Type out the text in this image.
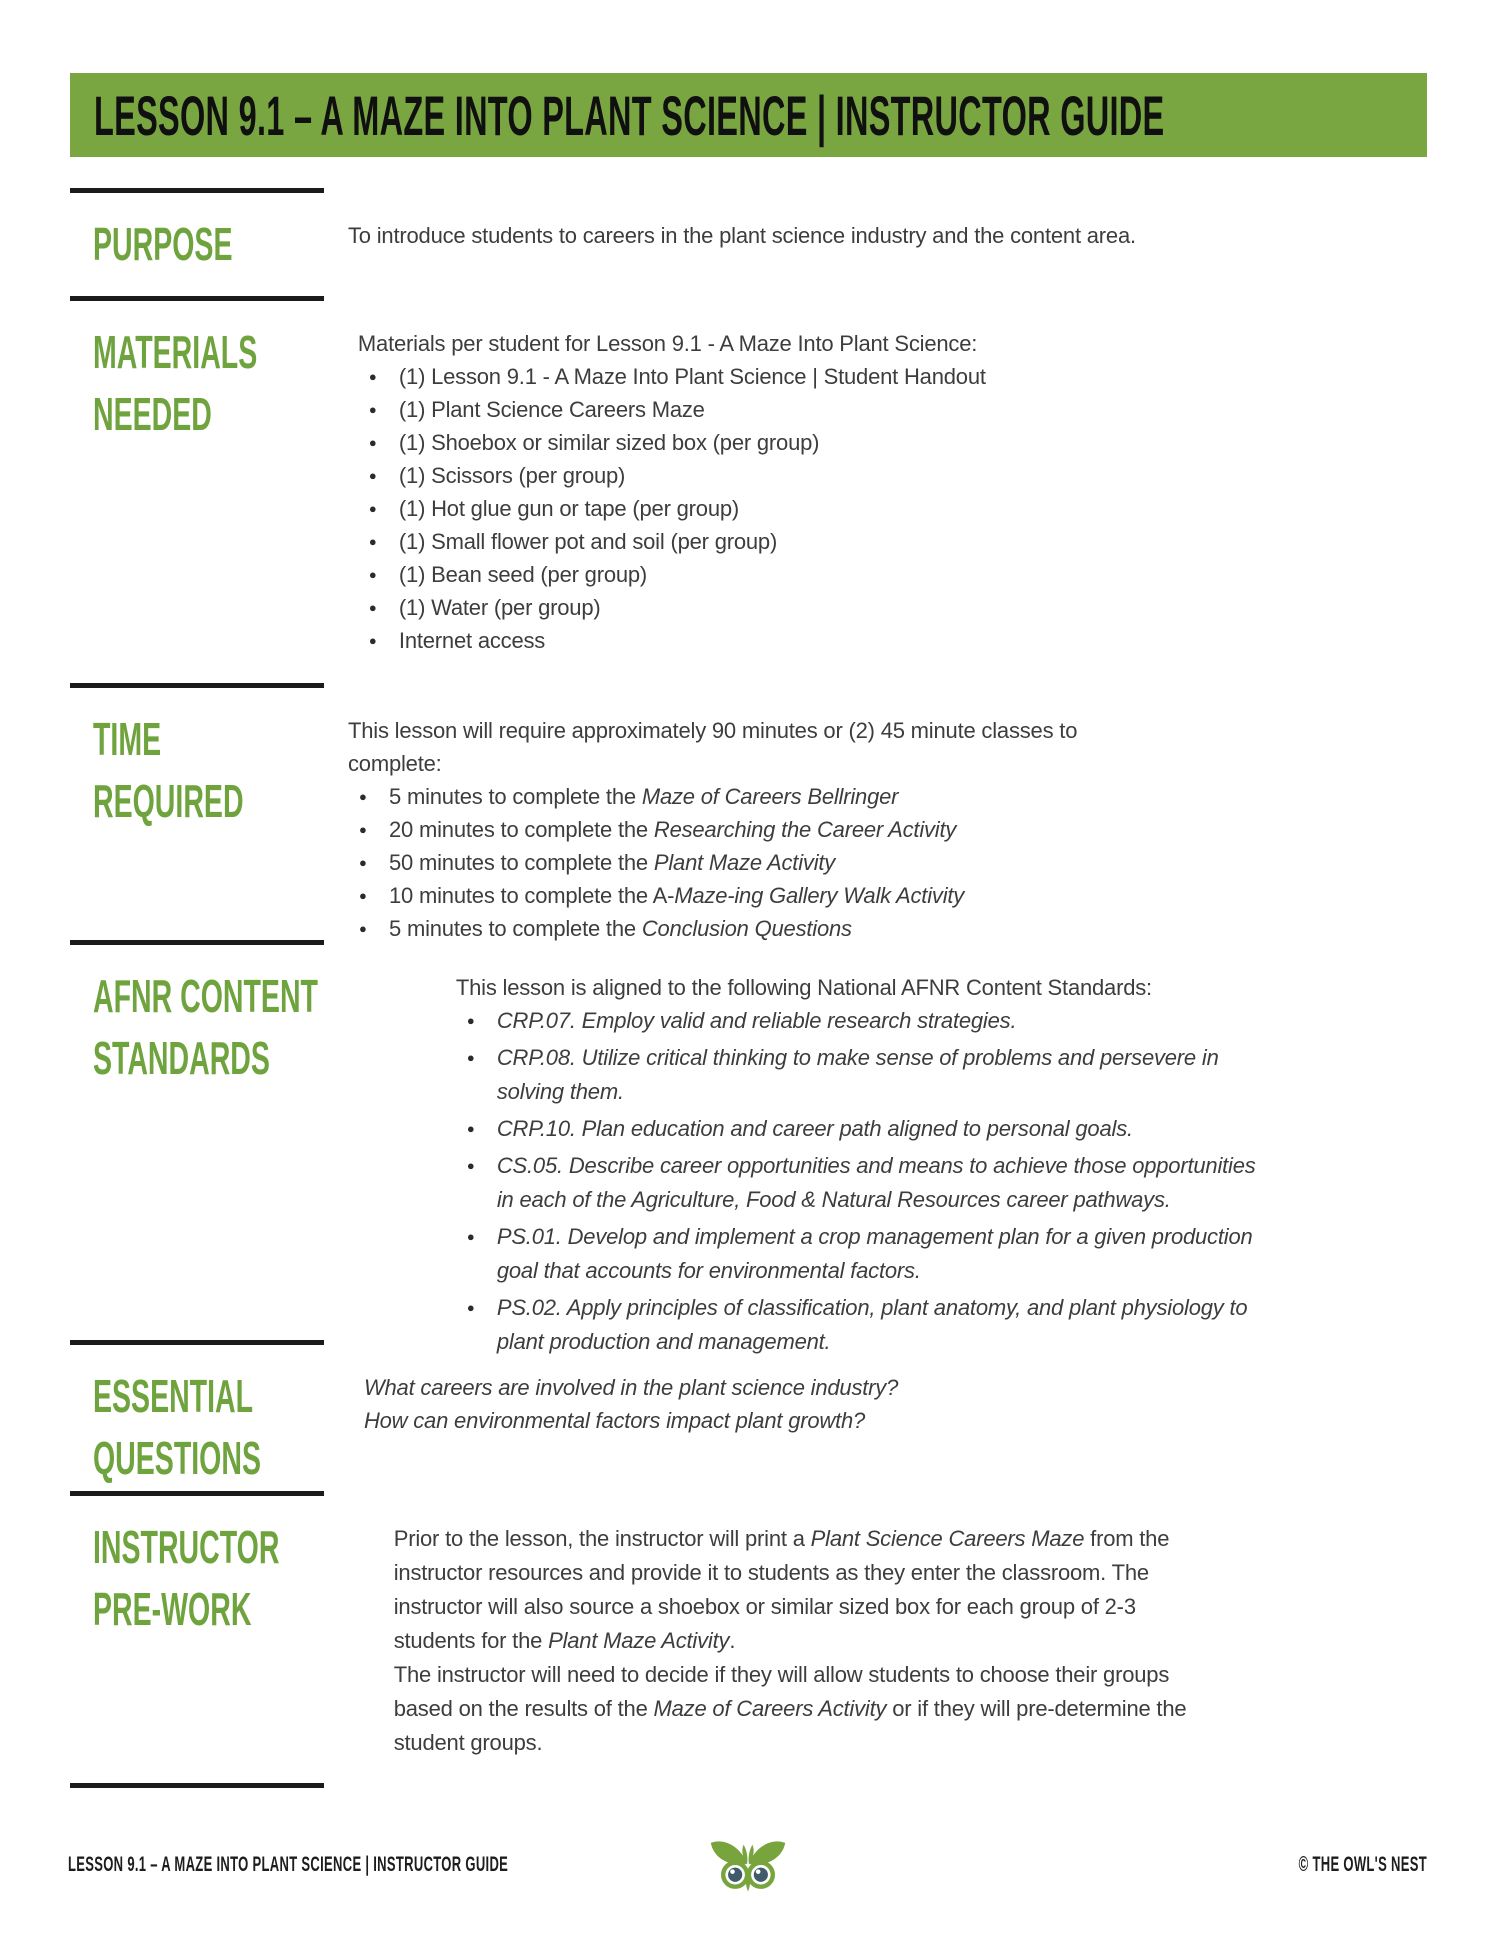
LESSON 9.1 – A MAZE INTO PLANT SCIENCE | INSTRUCTOR GUIDE
PURPOSE	To introduce students to careers in the plant science industry and the content area.

MATERIALS
NEEDED

Materials per student for Lesson 9.1 - A Maze Into Plant Science:

● (1) Lesson 9.1 - A Maze Into Plant Science | Student Handout
● (1) Plant Science Careers Maze
● (1) Shoebox or similar sized box (per group)
● (1) Scissors (per group)
● (1) Hot glue gun or tape (per group)
● (1) Small flower pot and soil (per group)
● (1) Bean seed (per group)
● (1) Water (per group)
● Internet access
TIME
REQUIRED

This lesson will require approximately 90 minutes or (2) 45 minute classes to complete:

● 5 minutes to complete the Maze of Careers Bellringer
● 20 minutes to complete the Researching the Career Activity
● 50 minutes to complete the Plant Maze Activity
● 10 minutes to complete the A-Maze-ing Gallery Walk Activity
● 5 minutes to complete the Conclusion Questions
AFNR CONTENT
STANDARDS

This lesson is aligned to the following National AFNR Content Standards:

● CRP.07. Employ valid and reliable research strategies.
● CRP.08. Utilize critical thinking to make sense of problems and persevere in solving them.
● CRP.10. Plan education and career path aligned to personal goals.
● CS.05. Describe career opportunities and means to achieve those opportunities in each of the Agriculture, Food & Natural Resources career pathways.
● PS.01. Develop and implement a crop management plan for a given production goal that accounts for environmental factors.
● PS.02. Apply principles of classification, plant anatomy, and plant physiology to plant production and management.
ESSENTIAL
QUESTIONS

What careers are involved in the plant science industry?

How can environmental factors impact plant growth?

INSTRUCTOR
PRE-WORK

Prior to the lesson, the instructor will print a Plant Science Careers Maze from the instructor resources and provide it to students as they enter the classroom. The instructor will also source a shoebox or similar sized box for each group of 2-3 students for the Plant Maze Activity.

The instructor will need to decide if they will allow students to choose their groups based on the results of the Maze of Careers Activity or if they will pre-determine the student groups.

LESSON 9.1 – A MAZE INTO PLANT SCIENCE | INSTRUCTOR GUIDE	© THE OWL'S NEST
